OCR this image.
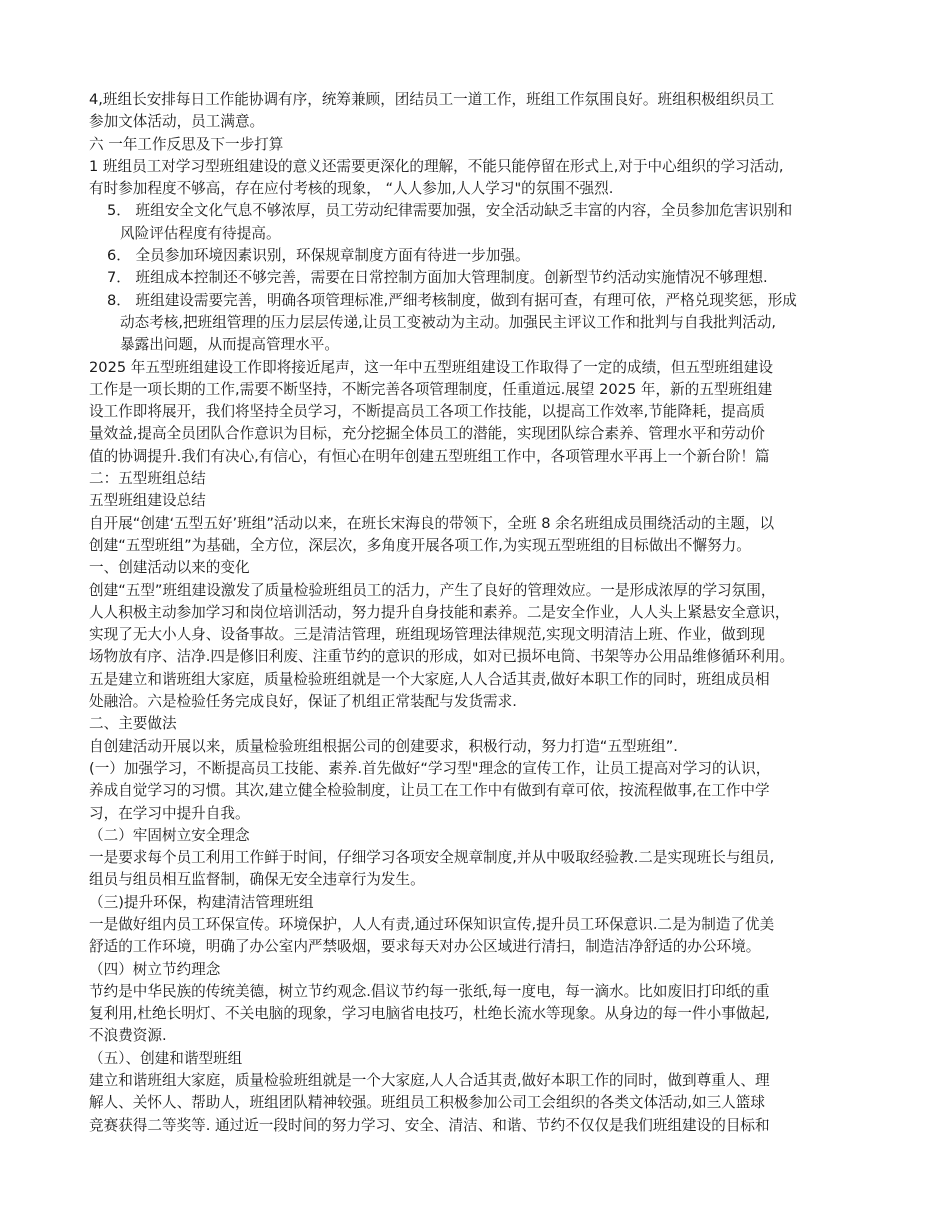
4,班组长安排每日工作能协调有序，统筹兼顾，团结员工一道工作，班组工作氛围良好。班组积极组织员工

参加文体活动，员工满意。

六 一年工作反思及下一步打算

1 班组员工对学习型班组建设的意义还需要更深化的理解，不能只能停留在形式上,对于中心组织的学习活动,

有时参加程度不够高，存在应付考核的现象， “人人参加,人人学习"的氛围不强烈.

5． 班组安全文化气息不够浓厚，员工劳动纪律需要加强，安全活动缺乏丰富的内容，全员参加危害识别和

风险评估程度有待提高。

6． 全员参加环境因素识别，环保规章制度方面有待进一步加强。

7． 班组成本控制还不够完善，需要在日常控制方面加大管理制度。创新型节约活动实施情况不够理想.

8． 班组建设需要完善，明确各项管理标准,严细考核制度，做到有据可查，有理可依，严格兑现奖惩，形成

动态考核,把班组管理的压力层层传递,让员工变被动为主动。加强民主评议工作和批判与自我批判活动,

暴露出问题，从而提高管理水平。

2025 年五型班组建设工作即将接近尾声，这一年中五型班组建设工作取得了一定的成绩，但五型班组建设

工作是一项长期的工作,需要不断坚持，不断完善各项管理制度，任重道远.展望 2025 年，新的五型班组建

设工作即将展开，我们将坚持全员学习，不断提高员工各项工作技能，以提高工作效率,节能降耗，提高质

量效益,提高全员团队合作意识为目标，充分挖掘全体员工的潜能，实现团队综合素养、管理水平和劳动价

值的协调提升.我们有决心,有信心，有恒心在明年创建五型班组工作中，各项管理水平再上一个新台阶！篇

二：五型班组总结

五型班组建设总结

自开展“创建‘五型五好’班组”活动以来，在班长宋海良的带领下，全班 8 余名班组成员围绕活动的主题，以

创建“五型班组”为基础，全方位，深层次，多角度开展各项工作,为实现五型班组的目标做出不懈努力。

一、创建活动以来的变化

创建“五型”班组建设激发了质量检验班组员工的活力，产生了良好的管理效应。一是形成浓厚的学习氛围，

人人积极主动参加学习和岗位培训活动，努力提升自身技能和素养。二是安全作业，人人头上紧悬安全意识，

实现了无大小人身、设备事故。三是清洁管理，班组现场管理法律规范,实现文明清洁上班、作业，做到现

场物放有序、洁净.四是修旧利废、注重节约的意识的形成，如对已损坏电筒、书架等办公用品维修循环利用。

五是建立和谐班组大家庭，质量检验班组就是一个大家庭,人人合适其责,做好本职工作的同时，班组成员相

处融洽。六是检验任务完成良好，保证了机组正常装配与发货需求.

二、主要做法

自创建活动开展以来，质量检验班组根据公司的创建要求，积极行动，努力打造“五型班组”.

(一）加强学习，不断提高员工技能、素养.首先做好“学习型"理念的宣传工作，让员工提高对学习的认识，

养成自觉学习的习惯。其次,建立健全检验制度，让员工在工作中有做到有章可依，按流程做事,在工作中学

习，在学习中提升自我。

（二）牢固树立安全理念

一是要求每个员工利用工作鲜于时间，仔细学习各项安全规章制度,并从中吸取经验教.二是实现班长与组员,

组员与组员相互监督制，确保无安全违章行为发生。

（三)提升环保，构建清洁管理班组

一是做好组内员工环保宣传。环境保护，人人有责,通过环保知识宣传,提升员工环保意识.二是为制造了优美

舒适的工作环境，明确了办公室内严禁吸烟，要求每天对办公区域进行清扫，制造洁净舒适的办公环境。

（四）树立节约理念

节约是中华民族的传统美德，树立节约观念.倡议节约每一张纸,每一度电，每一滴水。比如废旧打印纸的重

复利用,杜绝长明灯、不关电脑的现象，学习电脑省电技巧，杜绝长流水等现象。从身边的每一件小事做起,

不浪费资源.

（五）、创建和谐型班组

建立和谐班组大家庭，质量检验班组就是一个大家庭,人人合适其责,做好本职工作的同时，做到尊重人、理

解人、关怀人、帮助人，班组团队精神较强。班组员工积极参加公司工会组织的各类文体活动,如三人篮球

竞赛获得二等奖等. 通过近一段时间的努力学习、安全、清洁、和谐、节约不仅仅是我们班组建设的目标和
